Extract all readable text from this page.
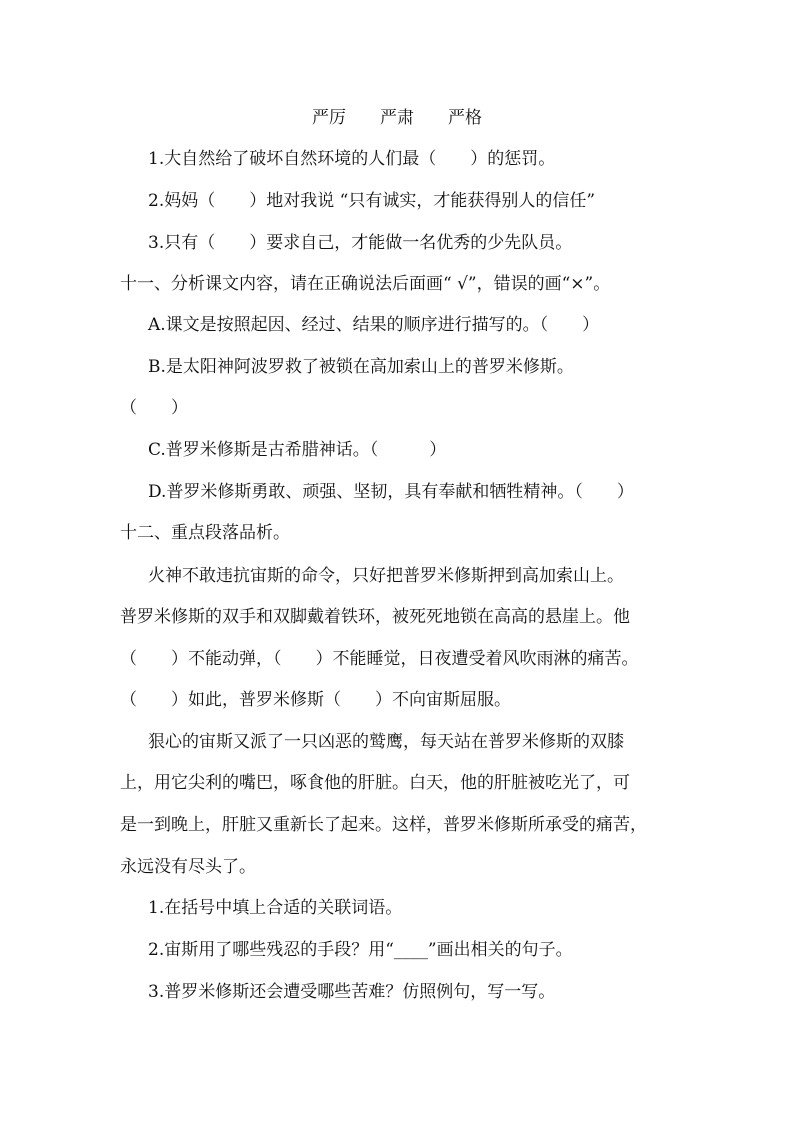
严厉　　严肃　　严格
1.大自然给了破坏自然环境的人们最（　　）的惩罚。
2.妈妈（　　）地对我说 “只有诚实，才能获得别人的信任”
3.只有（　　）要求自己，才能做一名优秀的少先队员。
十一、分析课文内容，请在正确说法后面画“ √”，错误的画“×”。
A.课文是按照起因、经过、结果的顺序进行描写的。（　　）
B.是太阳神阿波罗救了被锁在高加索山上的普罗米修斯。
（　　）
C.普罗米修斯是古希腊神话。（　　　）
D.普罗米修斯勇敢、顽强、坚韧，具有奉献和牺牲精神。（　　）
十二、重点段落品析。
火神不敢违抗宙斯的命令，只好把普罗米修斯押到高加索山上。
普罗米修斯的双手和双脚戴着铁环，被死死地锁在高高的悬崖上。他
（　　）不能动弹，（　　）不能睡觉，日夜遭受着风吹雨淋的痛苦。
（　　）如此，普罗米修斯（　　）不向宙斯屈服。
狠心的宙斯又派了一只凶恶的鹫鹰，每天站在普罗米修斯的双膝
上，用它尖利的嘴巴，啄食他的肝脏。白天，他的肝脏被吃光了，可
是一到晚上，肝脏又重新长了起来。这样，普罗米修斯所承受的痛苦，
永远没有尽头了。
1.在括号中填上合适的关联词语。
2.宙斯用了哪些残忍的手段？用“____”画出相关的句子。
3.普罗米修斯还会遭受哪些苦难？仿照例句，写一写。
